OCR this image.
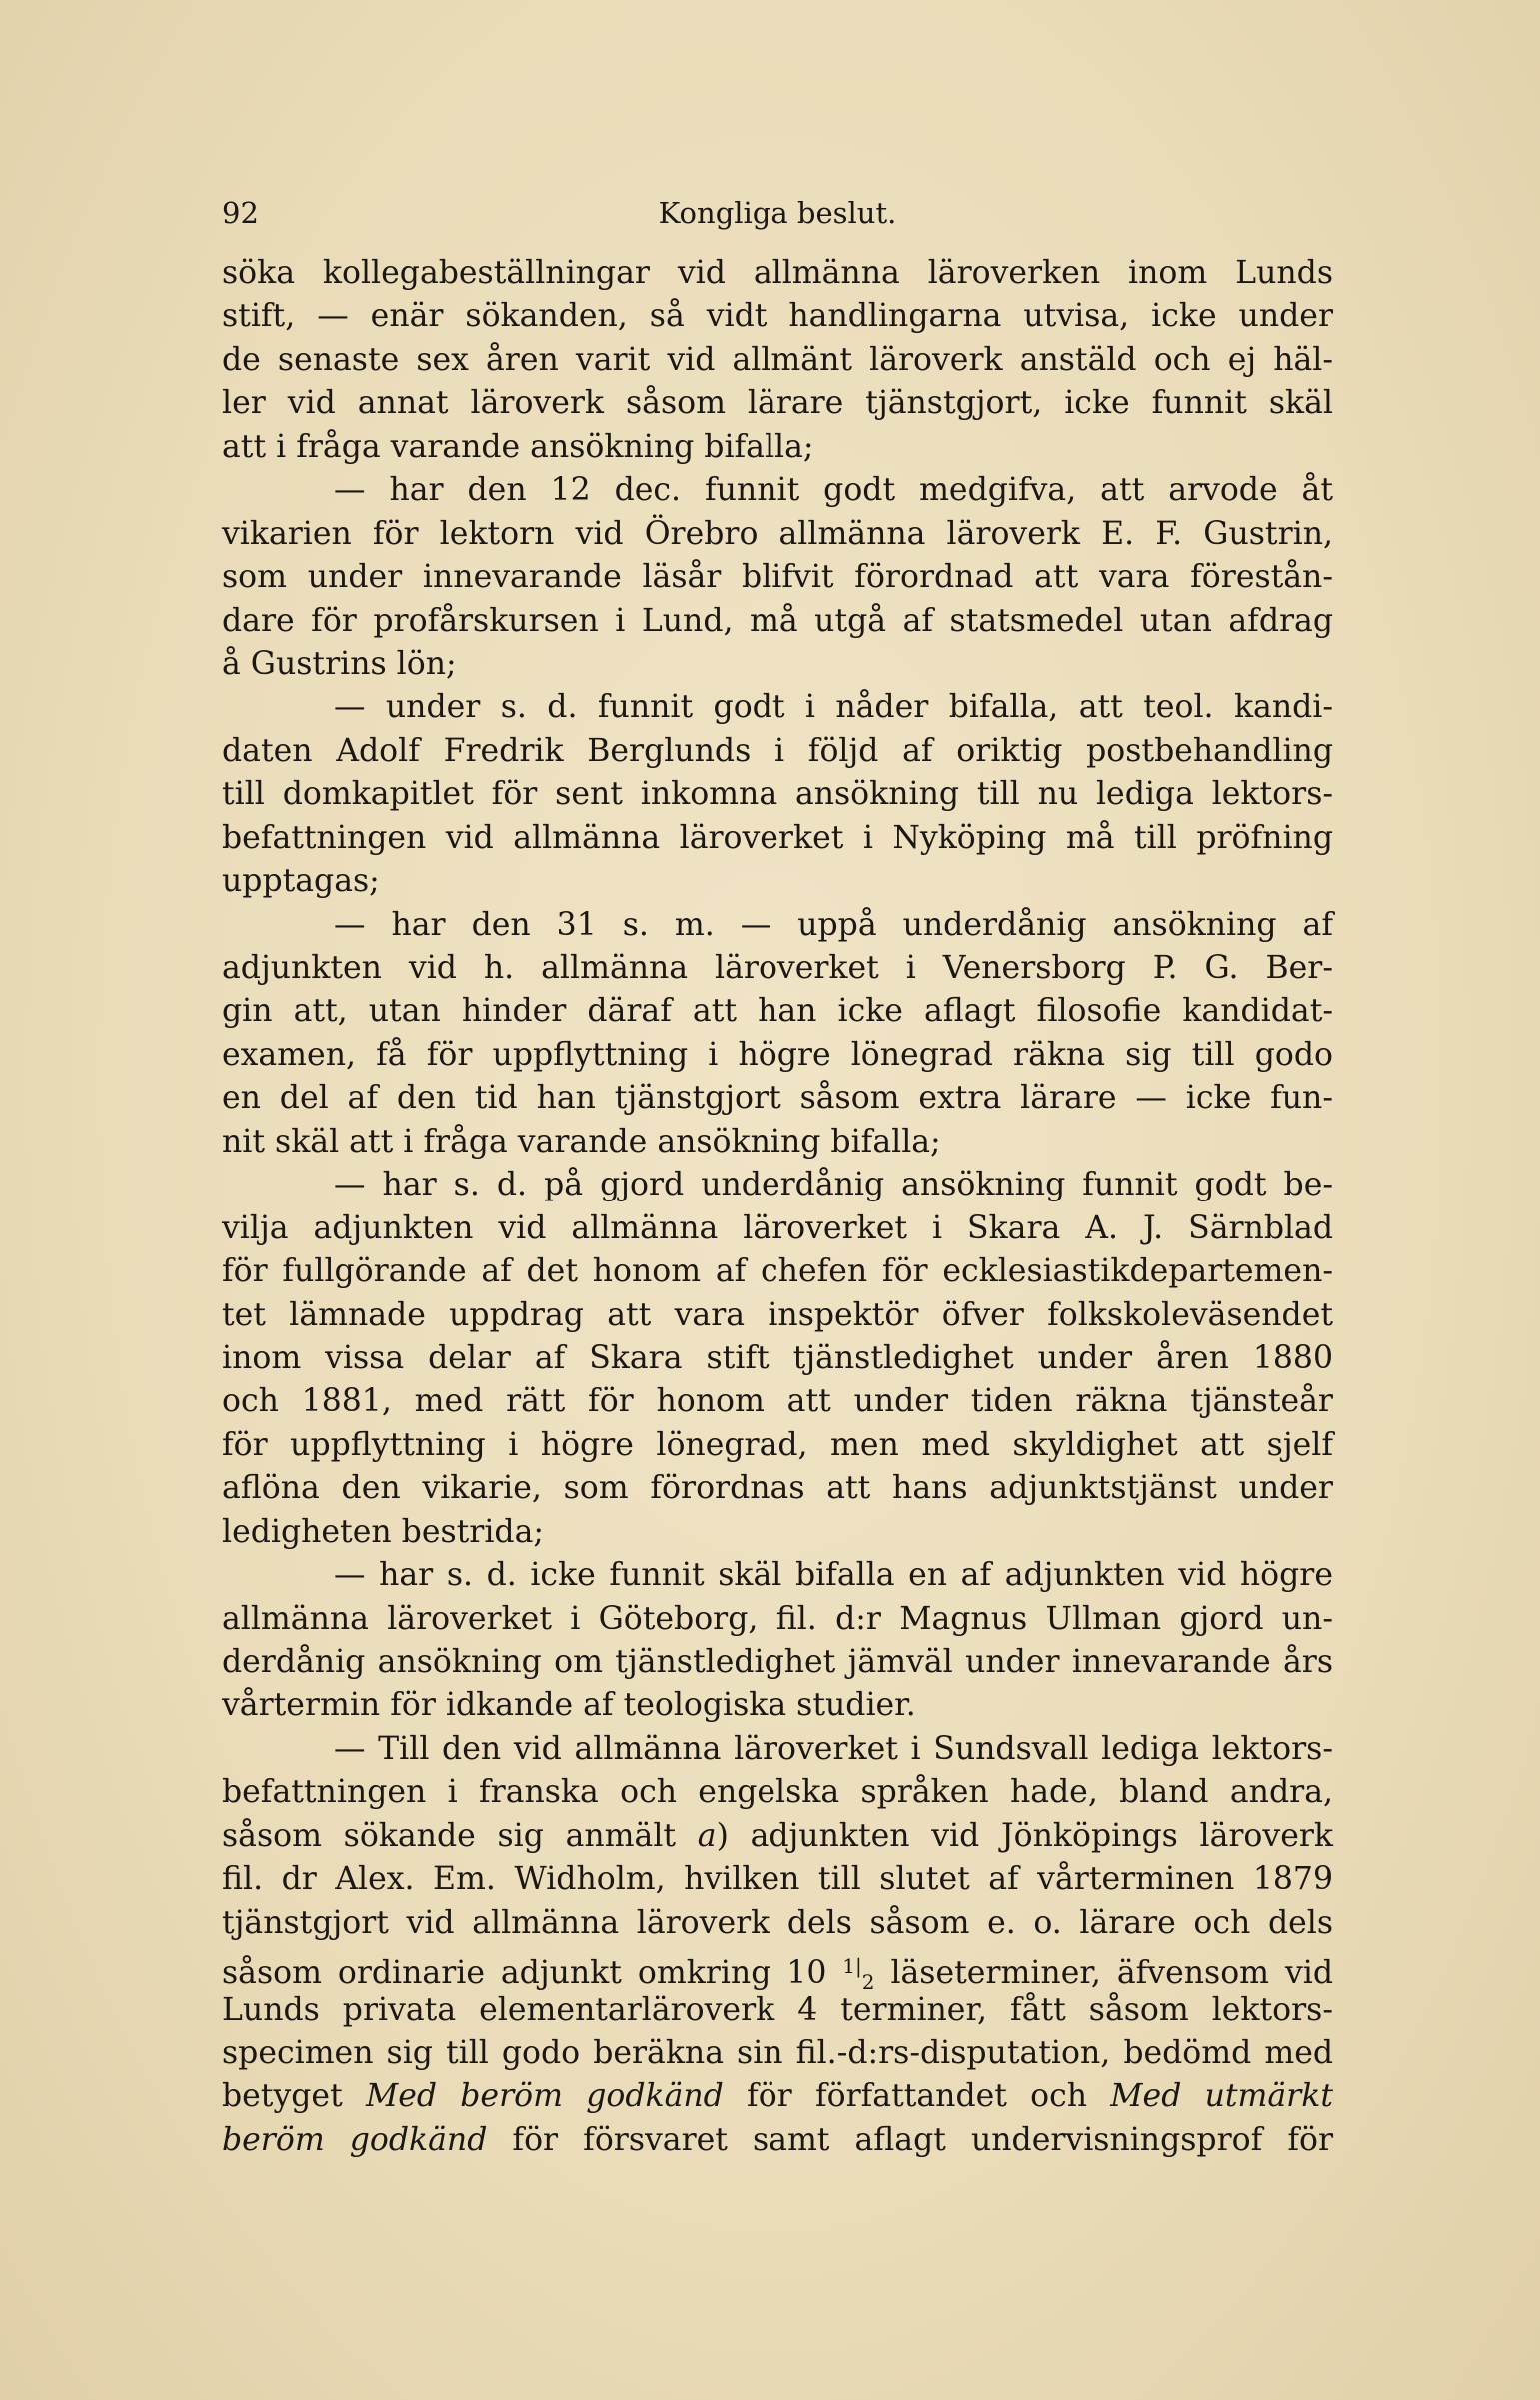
92	Kongliga beslut.
söka kollegabeställningar vid allmänna läroverken inom Lunds
stift, — enär sökanden, så vidt handlingarna utvisa, icke under
de senaste sex åren varit vid allmänt läroverk anstäld och ej häl-
ler vid annat läroverk såsom lärare tjänstgjort, icke funnit skäl
att i fråga varande ansökning bifalla;
— har den 12 dec. funnit godt medgifva, att arvode åt
vikarien för lektorn vid Örebro allmänna läroverk E. F. Gustrin,
som under innevarande läsår blifvit förordnad att vara förestån-
dare för profårskursen i Lund, må utgå af statsmedel utan afdrag
å Gustrins lön;
— under s. d. funnit godt i nåder bifalla, att teol. kandi-
daten Adolf Fredrik Berglunds i följd af oriktig postbehandling
till domkapitlet för sent inkomna ansökning till nu lediga lektors-
befattningen vid allmänna läroverket i Nyköping må till pröfning
upptagas;
— har den 31 s. m. — uppå underdånig ansökning af
adjunkten vid h. allmänna läroverket i Venersborg P. G. Ber-
gin att, utan hinder däraf att han icke aflagt filosofie kandidat-
examen, få för uppflyttning i högre lönegrad räkna sig till godo
en del af den tid han tjänstgjort såsom extra lärare — icke fun-
nit skäl att i fråga varande ansökning bifalla;
— har s. d. på gjord underdånig ansökning funnit godt be-
vilja adjunkten vid allmänna läroverket i Skara A. J. Särnblad
för fullgörande af det honom af chefen för ecklesiastikdepartemen-
tet lämnade uppdrag att vara inspektör öfver folkskoleväsendet
inom vissa delar af Skara stift tjänstledighet under åren 1880
och 1881, med rätt för honom att under tiden räkna tjänsteår
för uppflyttning i högre lönegrad, men med skyldighet att sjelf
aflöna den vikarie, som förordnas att hans adjunktstjänst under
ledigheten bestrida;
— har s. d. icke funnit skäl bifalla en af adjunkten vid högre
allmänna läroverket i Göteborg, fil. d:r Magnus Ullman gjord un-
derdånig ansökning om tjänstledighet jämväl under innevarande års
vårtermin för idkande af teologiska studier.
— Till den vid allmänna läroverket i Sundsvall lediga lektors-
befattningen i franska och engelska språken hade, bland andra,
såsom sökande sig anmält a) adjunkten vid Jönköpings läroverk
fil. dr Alex. Em. Widholm, hvilken till slutet af vårterminen 1879
tjänstgjort vid allmänna läroverk dels såsom e. o. lärare och dels
såsom ordinarie adjunkt omkring 10 $^{1|}_2$ läseterminer, äfvensom vid
Lunds privata elementarläroverk 4 terminer, fått såsom lektors-
specimen sig till godo beräkna sin fil.-d:rs-disputation, bedömd med
betyget Med beröm godkänd för författandet och Med utmärkt
beröm godkänd för försvaret samt aflagt undervisningsprof för
